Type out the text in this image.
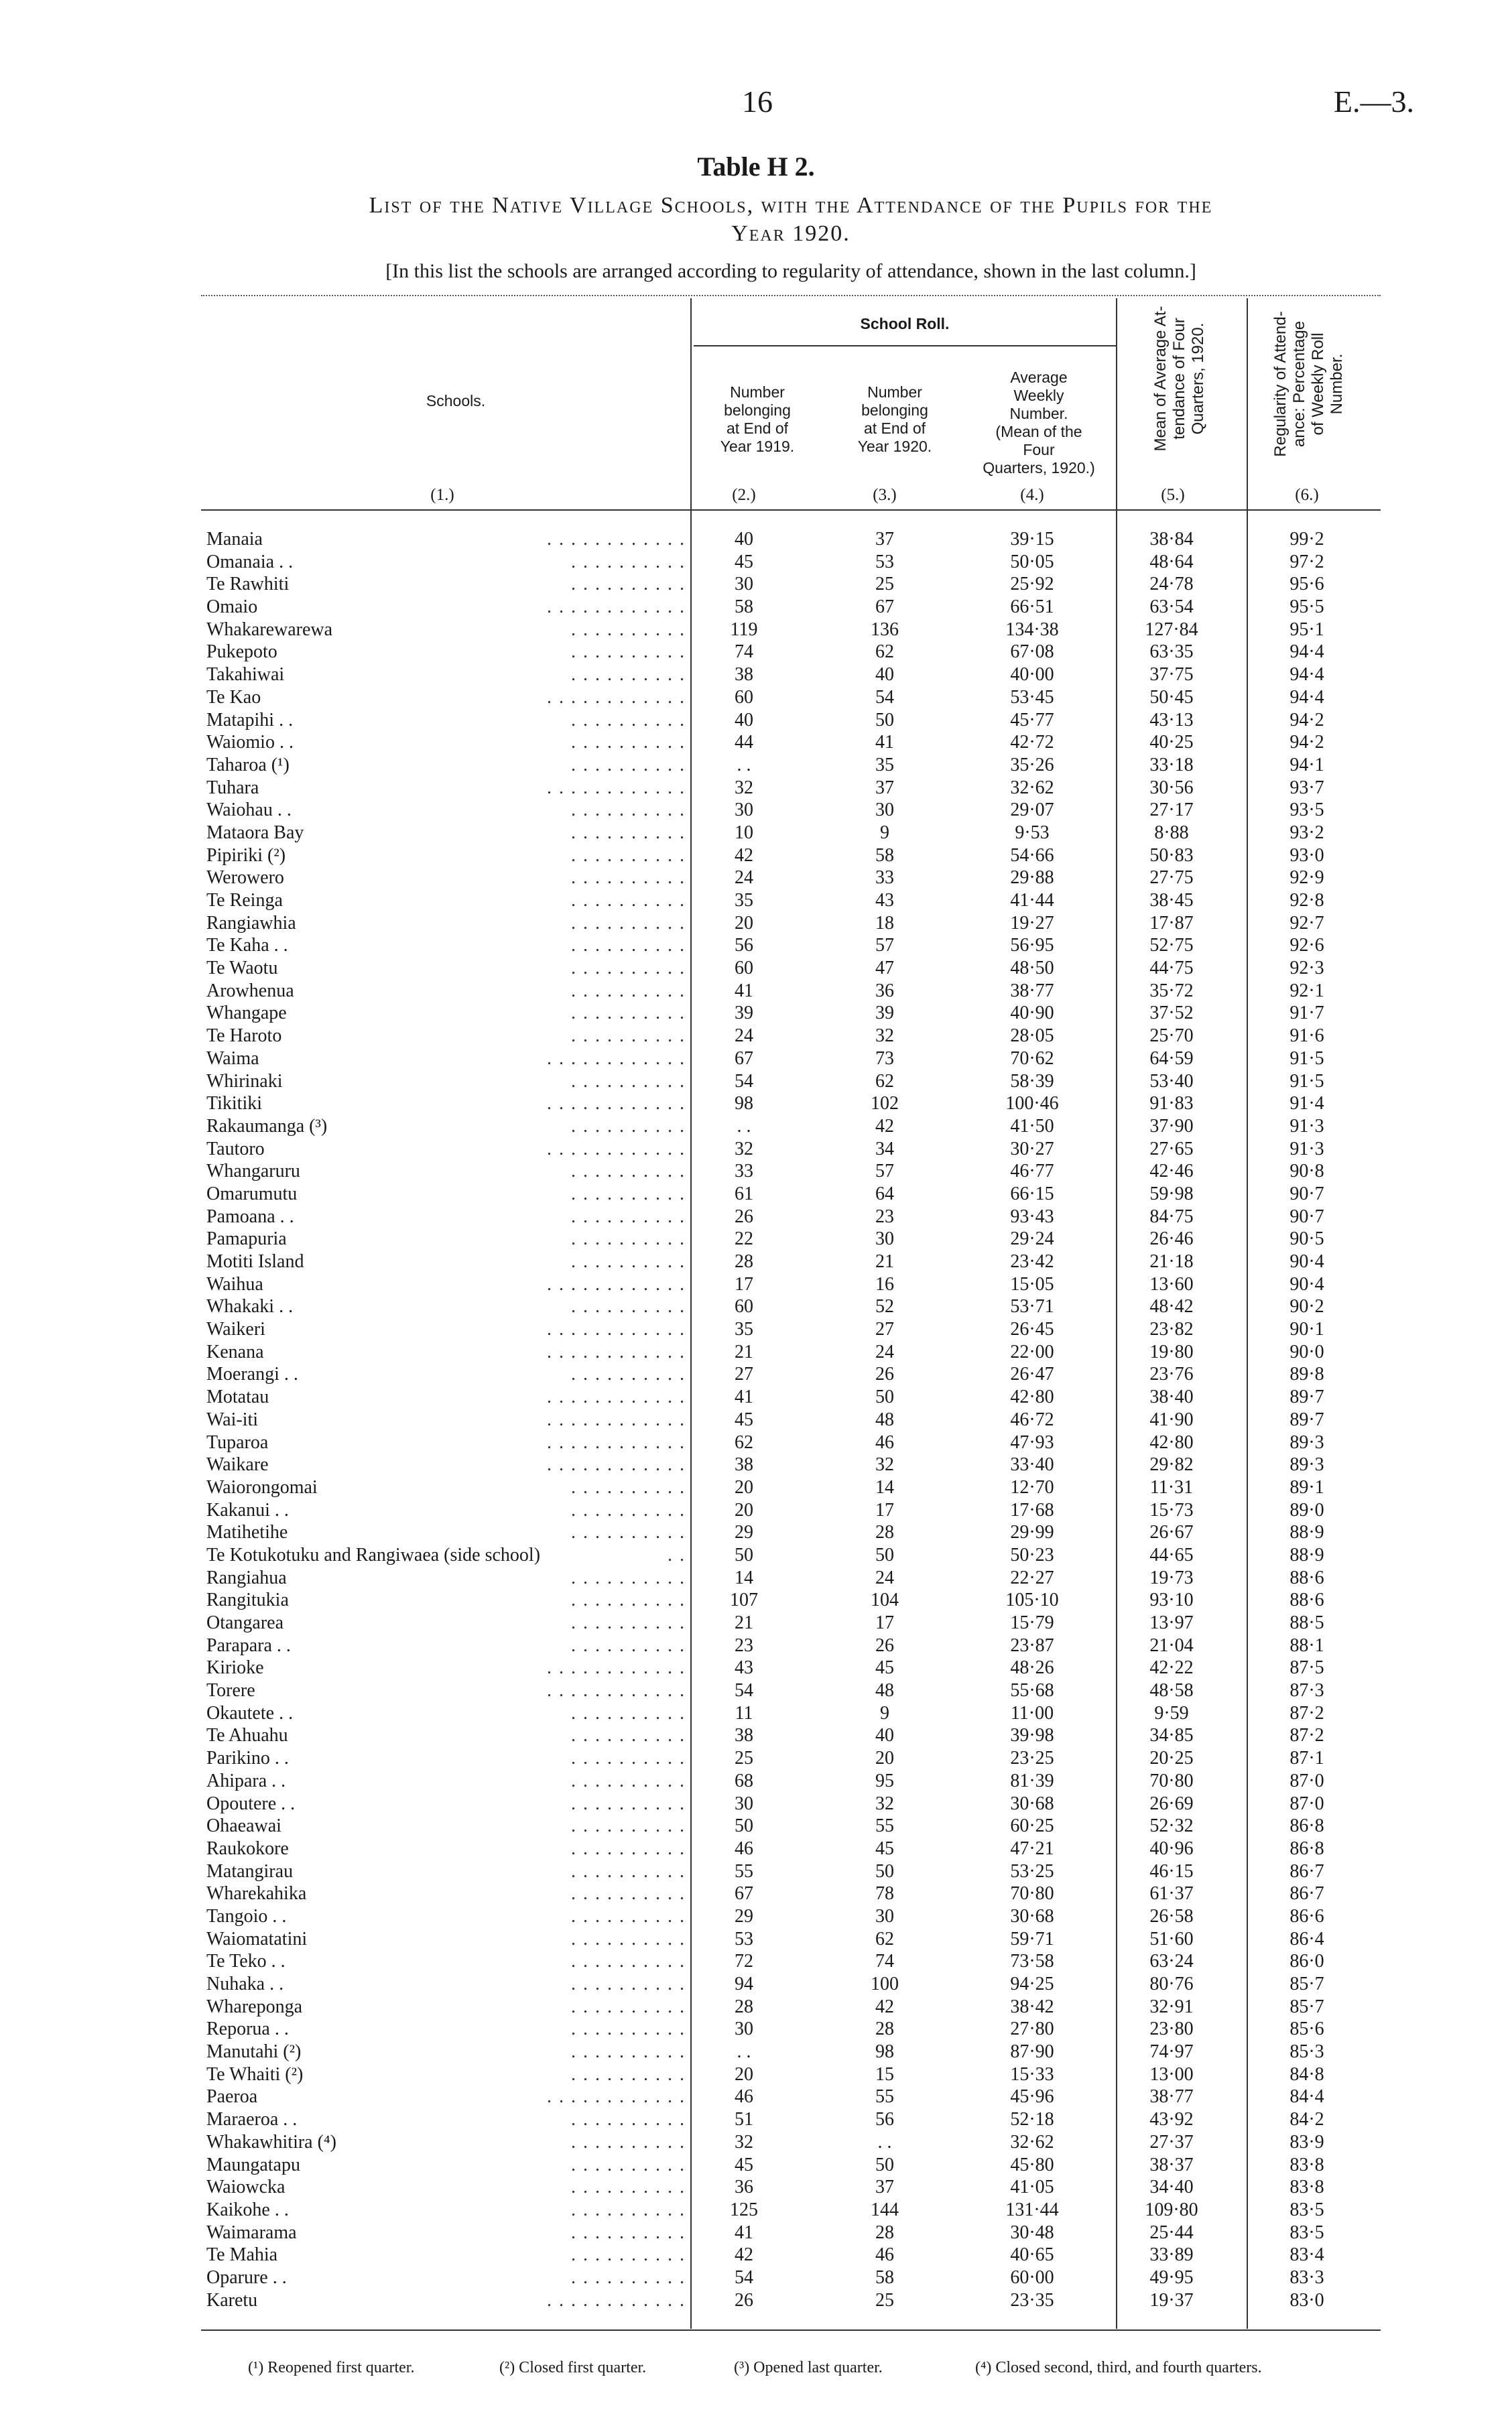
16	E.—3.
Table H 2.
List of the Native Village Schools, with the Attendance of the Pupils for the
Year 1920.
[In this list the schools are arranged according to regularity of attendance, shown in the last column.]
Schools.
School Roll.
Number
belonging
at End of
Year 1919.
Number
belonging
at End of
Year 1920.
Average
Weekly
Number.
(Mean of the
Four
Quarters, 1920.)
Mean of Average At- tendance of Four Quarters, 1920.	Regularity of Attend- ance: Percentage of Weekly Roll Number.
(1.)	(2.)	(3.)	(4.)	(5.)	(6.)
. . . . . . . . . . . .
Manaia	40	37	39·15	38·84	99·2
. . . . . . . . . .
Omanaia . .	45	53	50·05	48·64	97·2
. . . . . . . . . .
Te Rawhiti	30	25	25·92	24·78	95·6
. . . . . . . . . . . .
Omaio	58	67	66·51	63·54	95·5
. . . . . . . . . .
Whakarewarewa	119	136	134·38	127·84	95·1
. . . . . . . . . .
Pukepoto	74	62	67·08	63·35	94·4
. . . . . . . . . .
Takahiwai	38	40	40·00	37·75	94·4
. . . . . . . . . . . .
Te Kao	60	54	53·45	50·45	94·4
. . . . . . . . . .
Matapihi . .	40	50	45·77	43·13	94·2
. . . . . . . . . .
Waiomio . .	44	41	42·72	40·25	94·2
. . . . . . . . . .
Taharoa (¹)	. .	35	35·26	33·18	94·1
. . . . . . . . . . . .
Tuhara	32	37	32·62	30·56	93·7
. . . . . . . . . .
Waiohau . .	30	30	29·07	27·17	93·5
. . . . . . . . . .
Mataora Bay	10	9	9·53	8·88	93·2
. . . . . . . . . .
Pipiriki (²)	42	58	54·66	50·83	93·0
. . . . . . . . . .
Werowero	24	33	29·88	27·75	92·9
. . . . . . . . . .
Te Reinga	35	43	41·44	38·45	92·8
. . . . . . . . . .
Rangiawhia	20	18	19·27	17·87	92·7
. . . . . . . . . .
Te Kaha . .	56	57	56·95	52·75	92·6
. . . . . . . . . .
Te Waotu	60	47	48·50	44·75	92·3
. . . . . . . . . .
Arowhenua	41	36	38·77	35·72	92·1
. . . . . . . . . .
Whangape	39	39	40·90	37·52	91·7
. . . . . . . . . .
Te Haroto	24	32	28·05	25·70	91·6
. . . . . . . . . . . .
Waima	67	73	70·62	64·59	91·5
. . . . . . . . . .
Whirinaki	54	62	58·39	53·40	91·5
. . . . . . . . . . . .
Tikitiki	98	102	100·46	91·83	91·4
. . . . . . . . . .
Rakaumanga (³)	. .	42	41·50	37·90	91·3
. . . . . . . . . . . .
Tautoro	32	34	30·27	27·65	91·3
. . . . . . . . . .
Whangaruru	33	57	46·77	42·46	90·8
. . . . . . . . . .
Omarumutu	61	64	66·15	59·98	90·7
. . . . . . . . . .
Pamoana . .	26	23	93·43	84·75	90·7
. . . . . . . . . .
Pamapuria	22	30	29·24	26·46	90·5
. . . . . . . . . .
Motiti Island	28	21	23·42	21·18	90·4
. . . . . . . . . . . .
Waihua	17	16	15·05	13·60	90·4
. . . . . . . . . .
Whakaki . .	60	52	53·71	48·42	90·2
. . . . . . . . . . . .
Waikeri	35	27	26·45	23·82	90·1
. . . . . . . . . . . .
Kenana	21	24	22·00	19·80	90·0
. . . . . . . . . .
Moerangi . .	27	26	26·47	23·76	89·8
. . . . . . . . . . . .
Motatau	41	50	42·80	38·40	89·7
. . . . . . . . . . . .
Wai-iti	45	48	46·72	41·90	89·7
. . . . . . . . . . . .
Tuparoa	62	46	47·93	42·80	89·3
. . . . . . . . . . . .
Waikare	38	32	33·40	29·82	89·3
. . . . . . . . . .
Waiorongomai	20	14	12·70	11·31	89·1
. . . . . . . . . .
Kakanui . .	20	17	17·68	15·73	89·0
. . . . . . . . . .
Matihetihe	29	28	29·99	26·67	88·9
. .
Te Kotukotuku and Rangiwaea (side school)	50	50	50·23	44·65	88·9
. . . . . . . . . .
Rangiahua	14	24	22·27	19·73	88·6
. . . . . . . . . .
Rangitukia	107	104	105·10	93·10	88·6
. . . . . . . . . .
Otangarea	21	17	15·79	13·97	88·5
. . . . . . . . . .
Parapara . .	23	26	23·87	21·04	88·1
. . . . . . . . . . . .
Kirioke	43	45	48·26	42·22	87·5
. . . . . . . . . . . .
Torere	54	48	55·68	48·58	87·3
. . . . . . . . . .
Okautete . .	11	9	11·00	9·59	87·2
. . . . . . . . . .
Te Ahuahu	38	40	39·98	34·85	87·2
. . . . . . . . . .
Parikino . .	25	20	23·25	20·25	87·1
. . . . . . . . . .
Ahipara . .	68	95	81·39	70·80	87·0
. . . . . . . . . .
Opoutere . .	30	32	30·68	26·69	87·0
. . . . . . . . . .
Ohaeawai	50	55	60·25	52·32	86·8
. . . . . . . . . .
Raukokore	46	45	47·21	40·96	86·8
. . . . . . . . . .
Matangirau	55	50	53·25	46·15	86·7
. . . . . . . . . .
Wharekahika	67	78	70·80	61·37	86·7
. . . . . . . . . .
Tangoio . .	29	30	30·68	26·58	86·6
. . . . . . . . . .
Waiomatatini	53	62	59·71	51·60	86·4
. . . . . . . . . .
Te Teko . .	72	74	73·58	63·24	86·0
. . . . . . . . . .
Nuhaka . .	94	100	94·25	80·76	85·7
. . . . . . . . . .
Whareponga	28	42	38·42	32·91	85·7
. . . . . . . . . .
Reporua . .	30	28	27·80	23·80	85·6
. . . . . . . . . .
Manutahi (²)	. .	98	87·90	74·97	85·3
. . . . . . . . . .
Te Whaiti (²)	20	15	15·33	13·00	84·8
. . . . . . . . . . . .
Paeroa	46	55	45·96	38·77	84·4
. . . . . . . . . .
Maraeroa . .	51	56	52·18	43·92	84·2
. . . . . . . . . .
Whakawhitira (⁴)	32	. .	32·62	27·37	83·9
. . . . . . . . . .
Maungatapu	45	50	45·80	38·37	83·8
. . . . . . . . . .
Waiowcka	36	37	41·05	34·40	83·8
. . . . . . . . . .
Kaikohe . .	125	144	131·44	109·80	83·5
. . . . . . . . . .
Waimarama	41	28	30·48	25·44	83·5
. . . . . . . . . .
Te Mahia	42	46	40·65	33·89	83·4
. . . . . . . . . .
Oparure . .	54	58	60·00	49·95	83·3
. . . . . . . . . . . .
Karetu	26	25	23·35	19·37	83·0
(¹) Reopened first quarter.	(²) Closed first quarter.	(³) Opened last quarter.	(⁴) Closed second, third, and fourth quarters.
